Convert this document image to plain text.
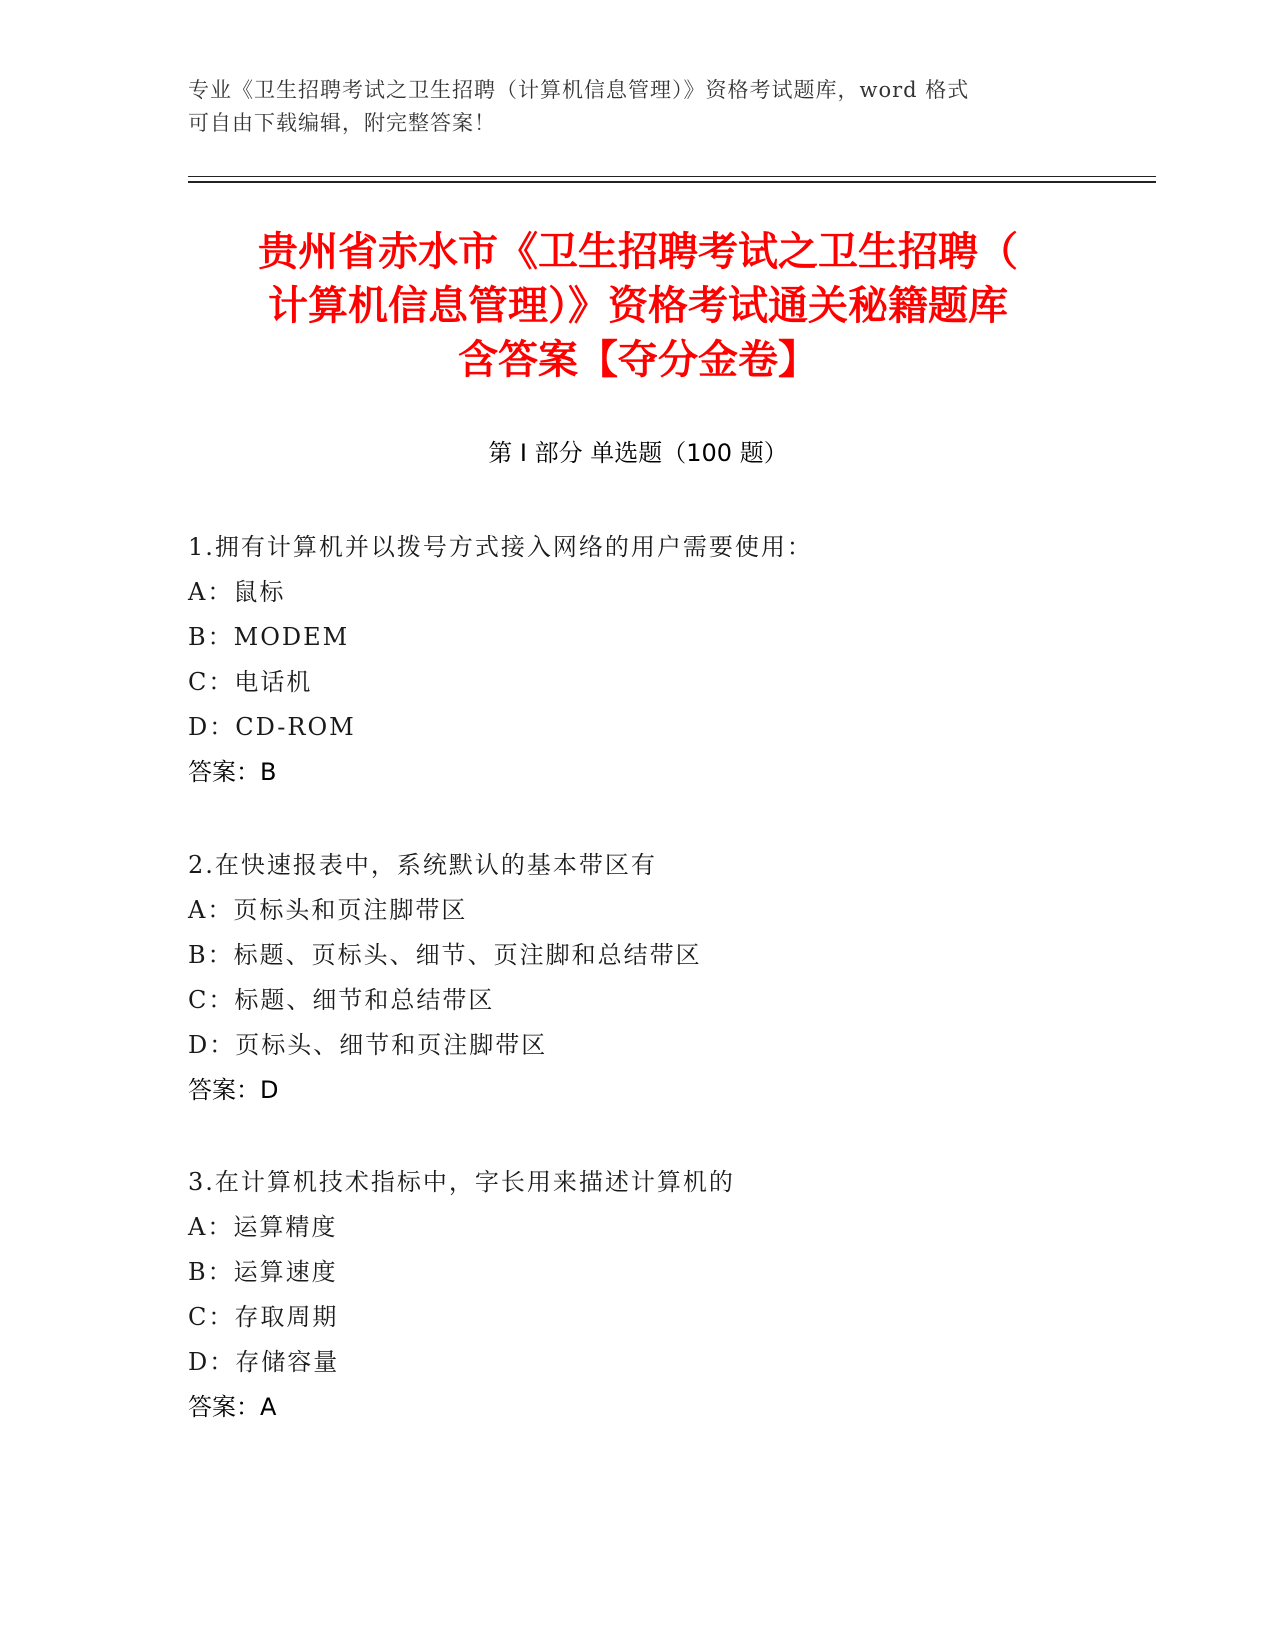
专业《卫生招聘考试之卫生招聘（计算机信息管理）》资格考试题库，word 格式
可自由下载编辑，附完整答案！
贵州省赤水市《卫生招聘考试之卫生招聘（
计算机信息管理）》资格考试通关秘籍题库
含答案【夺分金卷】
第 I 部分 单选题（100 题）
1.拥有计算机并以拨号方式接入网络的用户需要使用：
A：鼠标
B：MODEM
C：电话机
D：CD-ROM
答案：B
2.在快速报表中，系统默认的基本带区有
A：页标头和页注脚带区
B：标题、页标头、细节、页注脚和总结带区
C：标题、细节和总结带区
D：页标头、细节和页注脚带区
答案：D
3.在计算机技术指标中，字长用来描述计算机的
A：运算精度
B：运算速度
C：存取周期
D：存储容量
答案：A
